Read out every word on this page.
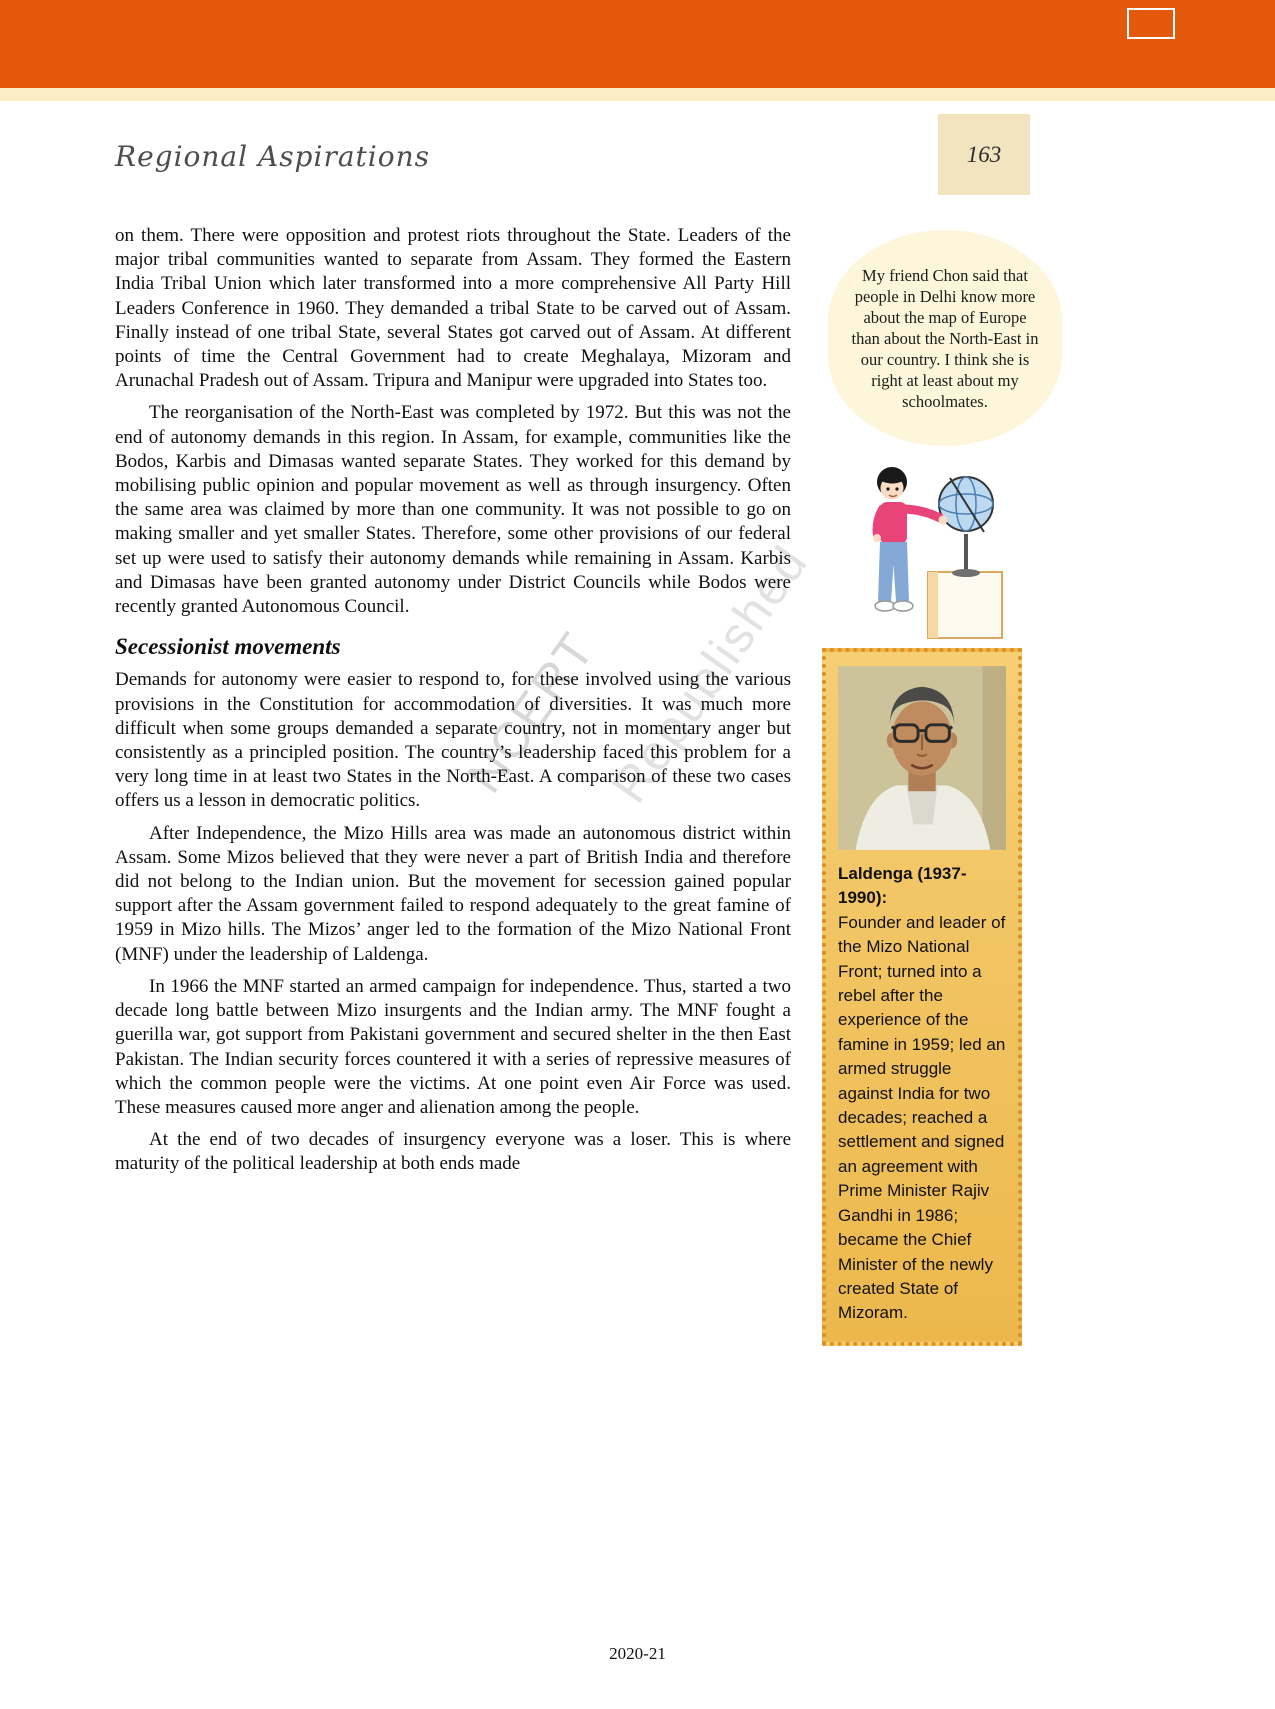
Regional Aspirations	163
NCERT
Republished

on them. There were opposition and protest riots throughout the State. Leaders of the major tribal communities wanted to separate from Assam. They formed the Eastern India Tribal Union which later transformed into a more comprehensive All Party Hill Leaders Conference in 1960. They demanded a tribal State to be carved out of Assam. Finally instead of one tribal State, several States got carved out of Assam. At different points of time the Central Government had to create Meghalaya, Mizoram and Arunachal Pradesh out of Assam. Tripura and Manipur were upgraded into States too.

The reorganisation of the North-East was completed by 1972. But this was not the end of autonomy demands in this region. In Assam, for example, communities like the Bodos, Karbis and Dimasas wanted separate States. They worked for this demand by mobilising public opinion and popular movement as well as through insurgency. Often the same area was claimed by more than one community. It was not possible to go on making smaller and yet smaller States. Therefore, some other provisions of our federal set up were used to satisfy their autonomy demands while remaining in Assam. Karbis and Dimasas have been granted autonomy under District Councils while Bodos were recently granted Autonomous Council.

Secessionist movements

Demands for autonomy were easier to respond to, for these involved using the various provisions in the Constitution for accommodation of diversities. It was much more difficult when some groups demanded a separate country, not in momentary anger but consistently as a principled position. The country’s leadership faced this problem for a very long time in at least two States in the North-East. A comparison of these two cases offers us a lesson in democratic politics.

After Independence, the Mizo Hills area was made an autonomous district within Assam. Some Mizos believed that they were never a part of British India and therefore did not belong to the Indian union. But the movement for secession gained popular support after the Assam government failed to respond adequately to the great famine of 1959 in Mizo hills. The Mizos’ anger led to the formation of the Mizo National Front (MNF) under the leadership of Laldenga.

In 1966 the MNF started an armed campaign for independence. Thus, started a two decade long battle between Mizo insurgents and the Indian army. The MNF fought a guerilla war, got support from Pakistani government and secured shelter in the then East Pakistan. The Indian security forces countered it with a series of repressive measures of which the common people were the victims. At one point even Air Force was used. These measures caused more anger and alienation among the people.

At the end of two decades of insurgency everyone was a loser. This is where maturity of the political leadership at both ends made

My friend Chon said that people in Delhi know more about the map of Europe than about the North-East in our country. I think she is right at least about my schoolmates.
Laldenga (1937-1990):
Founder and leader of the Mizo National Front; turned into a rebel after the experience of the famine in 1959; led an armed struggle against India for two decades; reached a settlement and signed an agreement with Prime Minister Rajiv Gandhi in 1986; became the Chief Minister of the newly created State of Mizoram.
2020-21
